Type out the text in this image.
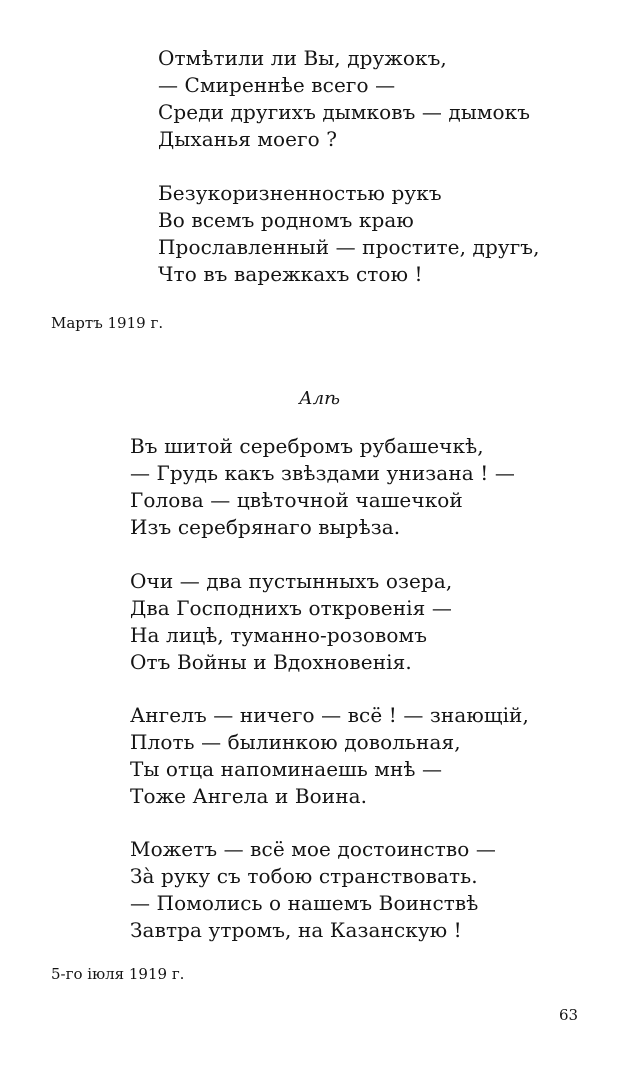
Отмѣтили ли Вы, дружокъ,
— Смиреннѣе всего —
Среди другихъ дымковъ — дымокъ
Дыханья моего ?
Безукоризненностью рукъ
Во всемъ родномъ краю
Прославленный — простите, другъ,
Что въ варежкахъ стою !
Мартъ 1919 г.
Алѣ
Въ шитой серебромъ рубашечкѣ,
— Грудь какъ звѣздами унизана ! —
Голова — цвѣточной чашечкой
Изъ серебрянаго вырѣза.
Очи — два пустынныхъ озера,
Два Господнихъ откровенія —
На лицѣ, туманно-розовомъ
Отъ Войны и Вдохновенія.
Ангелъ — ничего — всё ! — знающій,
Плоть — былинкою довольная,
Ты отца напоминаешь мнѣ —
Тоже Ангела и Воина.
Можетъ — всё мое достоинство —
Зà руку съ тобою странствовать.
— Помолись о нашемъ Воинствѣ
Завтра утромъ, на Казанскую !
5-го іюля 1919 г.
63
